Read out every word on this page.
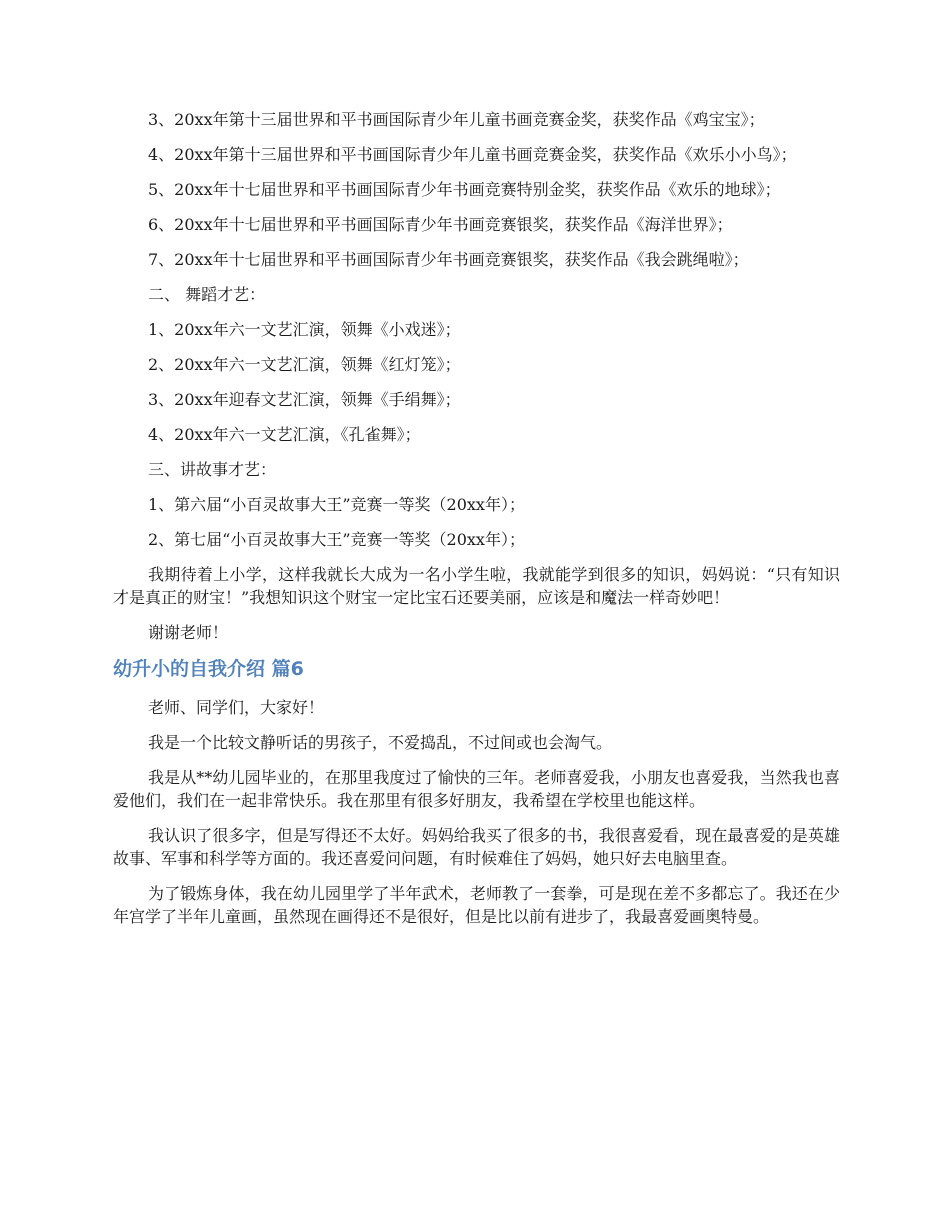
3、20xx年第十三届世界和平书画国际青少年儿童书画竞赛金奖，获奖作品《鸡宝宝》；

4、20xx年第十三届世界和平书画国际青少年儿童书画竞赛金奖，获奖作品《欢乐小小鸟》；

5、20xx年十七届世界和平书画国际青少年书画竞赛特别金奖，获奖作品《欢乐的地球》；

6、20xx年十七届世界和平书画国际青少年书画竞赛银奖，获奖作品《海洋世界》；

7、20xx年十七届世界和平书画国际青少年书画竞赛银奖，获奖作品《我会跳绳啦》；

二、 舞蹈才艺：

1、20xx年六一文艺汇演，领舞《小戏迷》；

2、20xx年六一文艺汇演，领舞《红灯笼》；

3、20xx年迎春文艺汇演，领舞《手绢舞》；

4、20xx年六一文艺汇演，《孔雀舞》；

三、讲故事才艺：

1、第六届“小百灵故事大王”竞赛一等奖（20xx年）；

2、第七届“小百灵故事大王”竞赛一等奖（20xx年）；

我期待着上小学，这样我就长大成为一名小学生啦，我就能学到很多的知识，妈妈说：“只有知识才是真正的财宝！”我想知识这个财宝一定比宝石还要美丽，应该是和魔法一样奇妙吧！

谢谢老师！

幼升小的自我介绍 篇6

老师、同学们，大家好！

我是一个比较文静听话的男孩子，不爱捣乱，不过间或也会淘气。

我是从**幼儿园毕业的，在那里我度过了愉快的三年。老师喜爱我，小朋友也喜爱我，当然我也喜爱他们，我们在一起非常快乐。我在那里有很多好朋友，我希望在学校里也能这样。

我认识了很多字，但是写得还不太好。妈妈给我买了很多的书，我很喜爱看，现在最喜爱的是英雄故事、军事和科学等方面的。我还喜爱问问题，有时候难住了妈妈，她只好去电脑里查。

为了锻炼身体，我在幼儿园里学了半年武术，老师教了一套拳，可是现在差不多都忘了。我还在少年宫学了半年儿童画，虽然现在画得还不是很好，但是比以前有进步了，我最喜爱画奥特曼。
